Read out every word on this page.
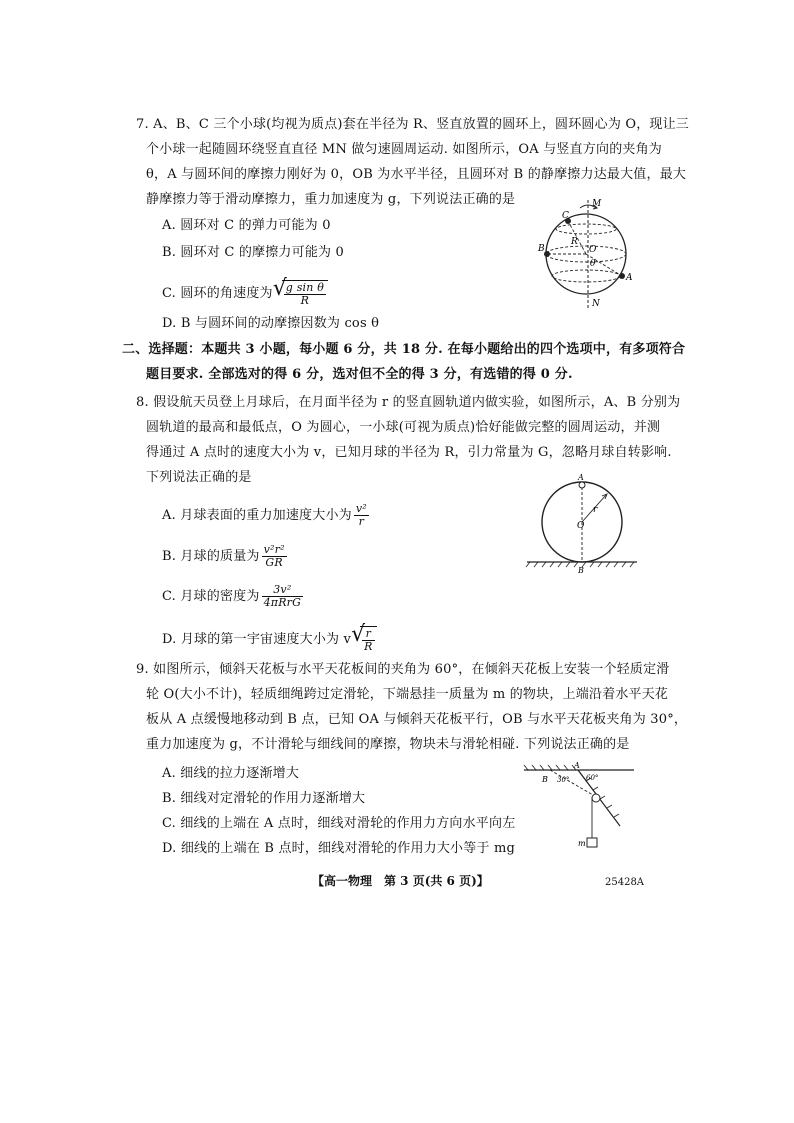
7. A、B、C 三个小球(均视为质点)套在半径为 R、竖直放置的圆环上，圆环圆心为 O，现让三
个小球一起随圆环绕竖直直径 MN 做匀速圆周运动. 如图所示，OA 与竖直方向的夹角为
θ，A 与圆环间的摩擦力刚好为 0，OB 为水平半径，且圆环对 B 的静摩擦力达最大值，最大
静摩擦力等于滑动摩擦力，重力加速度为 g，下列说法正确的是
A. 圆环对 C 的弹力可能为 0
B. 圆环对 C 的摩擦力可能为 0
C. 圆环的角速度为 √
$\frac{\text{g sin θ}}{R}$
D. B 与圆环间的动摩擦因数为 cos θ
C
M
B
R
O
θ
A
N
二、选择题：本题共 3 小题，每小题 6 分，共 18 分. 在每小题给出的四个选项中，有多项符合
题目要求. 全部选对的得 6 分，选对但不全的得 3 分，有选错的得 0 分.
8. 假设航天员登上月球后，在月面半径为 r 的竖直圆轨道内做实验，如图所示，A、B 分别为
圆轨道的最高和最低点，O 为圆心，一小球(可视为质点)恰好能做完整的圆周运动，并测
得通过 A 点时的速度大小为 v，已知月球的半径为 R，引力常量为 G，忽略月球自转影响.
下列说法正确的是
A. 月球表面的重力加速度大小为 $\frac{\text{v²}}{r}$
B. 月球的质量为 $\frac{\text{v²r²}}{GR}$
C. 月球的密度为 $\frac{\text{3v²}}{\text{4πRrG}}$
D. 月球的第一宇宙速度大小为 v √
$\frac{r}{R}$
A
r
O
B
9. 如图所示，倾斜天花板与水平天花板间的夹角为 60°，在倾斜天花板上安装一个轻质定滑
轮 O(大小不计)，轻质细绳跨过定滑轮，下端悬挂一质量为 m 的物块，上端沿着水平天花
板从 A 点缓慢地移动到 B 点，已知 OA 与倾斜天花板平行，OB 与水平天花板夹角为 30°，
重力加速度为 g，不计滑轮与细线间的摩擦，物块未与滑轮相碰. 下列说法正确的是
A. 细线的拉力逐渐增大
B. 细线对定滑轮的作用力逐渐增大
C. 细线的上端在 A 点时，细线对滑轮的作用力方向水平向左
D. 细线的上端在 B 点时，细线对滑轮的作用力大小等于 mg
B
A
30° 60°
m
【高一物理　第 3 页(共 6 页)】	25428A
